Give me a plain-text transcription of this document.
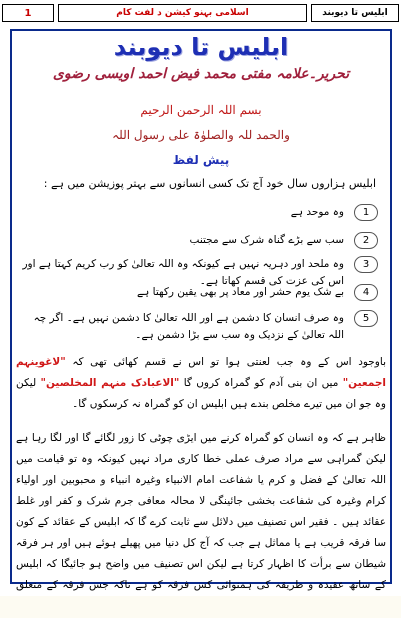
1	اسلامی بہنو کیشن د لفت کام	ابلیس تا دیوبند
ابلیس تا دیوبند
تحریر۔علامہ مفتی محمد فیض احمد اویسی رضوی
بسم اللہ الرحمن الرحیم
والحمد للہ والصلوٰۃ علی رسول اللہ
پیش لفظ
ابلیس ہزاروں سال خود آج تک کسی انسانوں سے بہتر پوزیشن میں ہے :
1
وہ موحد ہے
2
سب سے بڑے گناہ شرک سے مجتنب
3
وہ ملحد اور دہریہ نہیں ہے کیونکہ وہ اللہ تعالیٰ کو رب کریم کہتا ہے اور اس کی عزت کی قسم کھاتا ہے۔
4
بے شک یوم حشر اور معاد پر بھی یقین رکھتا ہے
5
وہ صرف انسان کا دشمن ہے اور اللہ تعالیٰ کا دشمن نہیں ہے۔ اگر چہ اللہ تعالیٰ کے نزدیک وہ سب سے بڑا دشمن ہے۔
باوجود اس کے وہ جب لعنتی ہوا تو اس نے قسم کھائی تھی کہ "لاغوینہم اجمعین" میں ان بنی آدم کو گمراہ کروں گا "الاعبادک منہم المخلصین" لیکن وہ جو ان میں تیرے مخلص بندے ہیں ابلیس ان کو گمراہ نہ کرسکوں گا۔
ظاہر ہے کہ وہ انسان کو گمراہ کرنے میں ایڑی چوٹی کا زور لگائے گا اور لگا رہا ہے لیکن گمراہی سے مراد صرف عملی خطا کاری مراد نہیں کیونکہ وہ تو قیامت میں اللہ تعالیٰ کے فضل و کرم یا شفاعت امام الانبیاء وغیرہ انبیاء و محبوبین اور اولیاء کرام وغیرہ کی شفاعت بخشی جائینگی لا محالہ معافی جرم شرک و کفر اور غلط عقائد ہیں ۔ فقیر اس تصنیف میں دلائل سے ثابت کرے گا کہ ابلیس کے عقائد کے کون سا فرقہ قریب ہے یا مماثل ہے جب کہ آج کل دنیا میں پھیلے ہوئے ہیں اور ہر فرقہ شیطان سے برأت کا اظہار کرتا ہے لیکن اس تصنیف میں واضح ہو جائیگا کہ ابلیس کے ساتھ عقیدہ و طریقہ کی ہمنوائی کس فرقہ کو ہے تاکہ جس فرقہ کے متعلق
